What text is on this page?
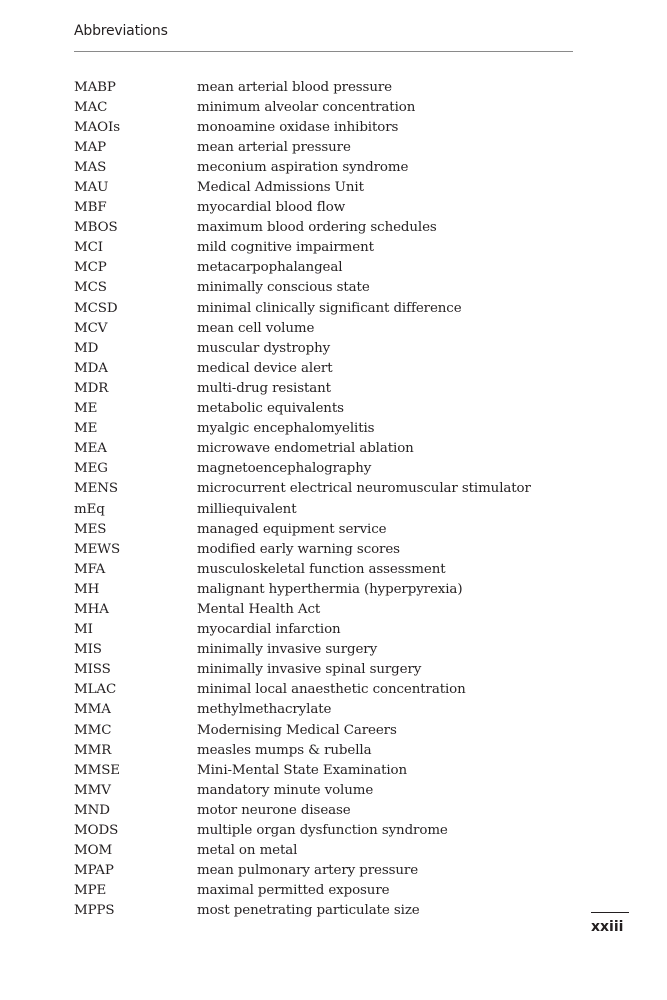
Abbreviations
MABP	mean arterial blood pressure
MAC	minimum alveolar concentration
MAOIs	monoamine oxidase inhibitors
MAP	mean arterial pressure
MAS	meconium aspiration syndrome
MAU	Medical Admissions Unit
MBF	myocardial blood flow
MBOS	maximum blood ordering schedules
MCI	mild cognitive impairment
MCP	metacarpophalangeal
MCS	minimally conscious state
MCSD	minimal clinically significant difference
MCV	mean cell volume
MD	muscular dystrophy
MDA	medical device alert
MDR	multi-drug resistant
ME	metabolic equivalents
ME	myalgic encephalomyelitis
MEA	microwave endometrial ablation
MEG	magnetoencephalography
MENS	microcurrent electrical neuromuscular stimulator
mEq	milliequivalent
MES	managed equipment service
MEWS	modified early warning scores
MFA	musculoskeletal function assessment
MH	malignant hyperthermia (hyperpyrexia)
MHA	Mental Health Act
MI	myocardial infarction
MIS	minimally invasive surgery
MISS	minimally invasive spinal surgery
MLAC	minimal local anaesthetic concentration
MMA	methylmethacrylate
MMC	Modernising Medical Careers
MMR	measles mumps & rubella
MMSE	Mini-Mental State Examination
MMV	mandatory minute volume
MND	motor neurone disease
MODS	multiple organ dysfunction syndrome
MOM	metal on metal
MPAP	mean pulmonary artery pressure
MPE	maximal permitted exposure
MPPS	most penetrating particulate size
xxiii
